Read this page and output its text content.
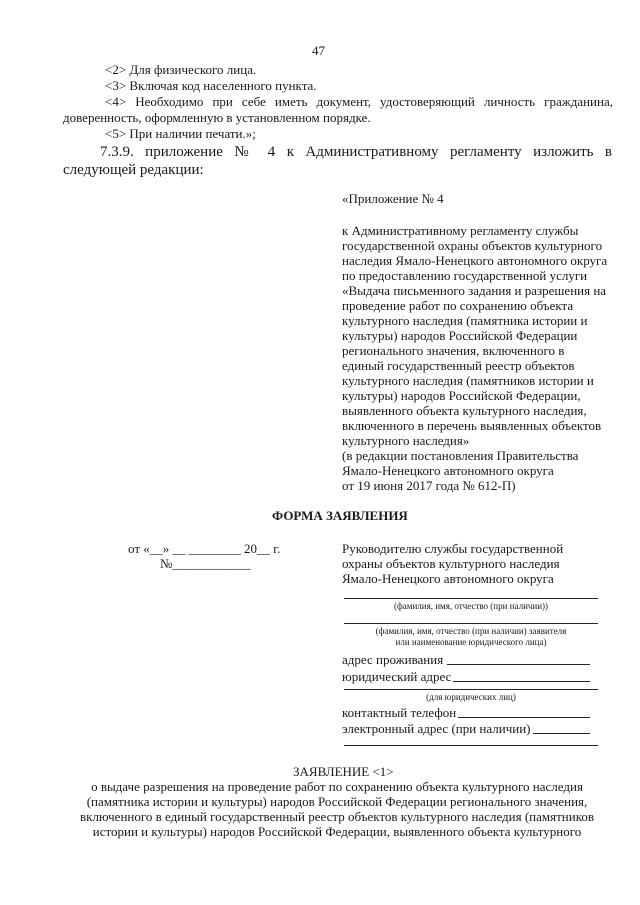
47
<2> Для физического лица.
<3> Включая код населенного пункта.
<4> Необходимо при себе иметь документ, удостоверяющий личность гражданина,
доверенность, оформленную в установленном порядке.
<5> При наличии печати.»;
7.3.9. приложение № 4 к Административному регламенту изложить в
следующей редакции:
«Приложение № 4
к Административному регламенту службы
государственной охраны объектов культурного
наследия Ямало-Ненецкого автономного округа
по предоставлению государственной услуги
«Выдача письменного задания и разрешения на
проведение работ по сохранению объекта
культурного наследия (памятника истории и
культуры) народов Российской Федерации
регионального значения, включенного в
единый государственный реестр объектов
культурного наследия (памятников истории и
культуры) народов Российской Федерации,
выявленного объекта культурного наследия,
включенного в перечень выявленных объектов
культурного наследия»
(в редакции постановления Правительства
Ямало-Ненецкого автономного округа
от 19 июня 2017 года № 612-П)
ФОРМА ЗАЯВЛЕНИЯ
от «__» __ ________ 20__ г.
№____________
Руководителю службы государственной
охраны объектов культурного наследия
Ямало-Ненецкого автономного округа
(фамилия, имя, отчество (при наличии))
(фамилия, имя, отчество (при наличии) заявителя
или наименование юридического лица)
адрес проживания
юридический адрес
(для юридических лиц)
контактный телефон
электронный адрес (при наличии)
ЗАЯВЛЕНИЕ <1>
о выдаче разрешения на проведение работ по сохранению объекта культурного наследия
(памятника истории и культуры) народов Российской Федерации регионального значения,
включенного в единый государственный реестр объектов культурного наследия (памятников
истории и культуры) народов Российской Федерации, выявленного объекта культурного
